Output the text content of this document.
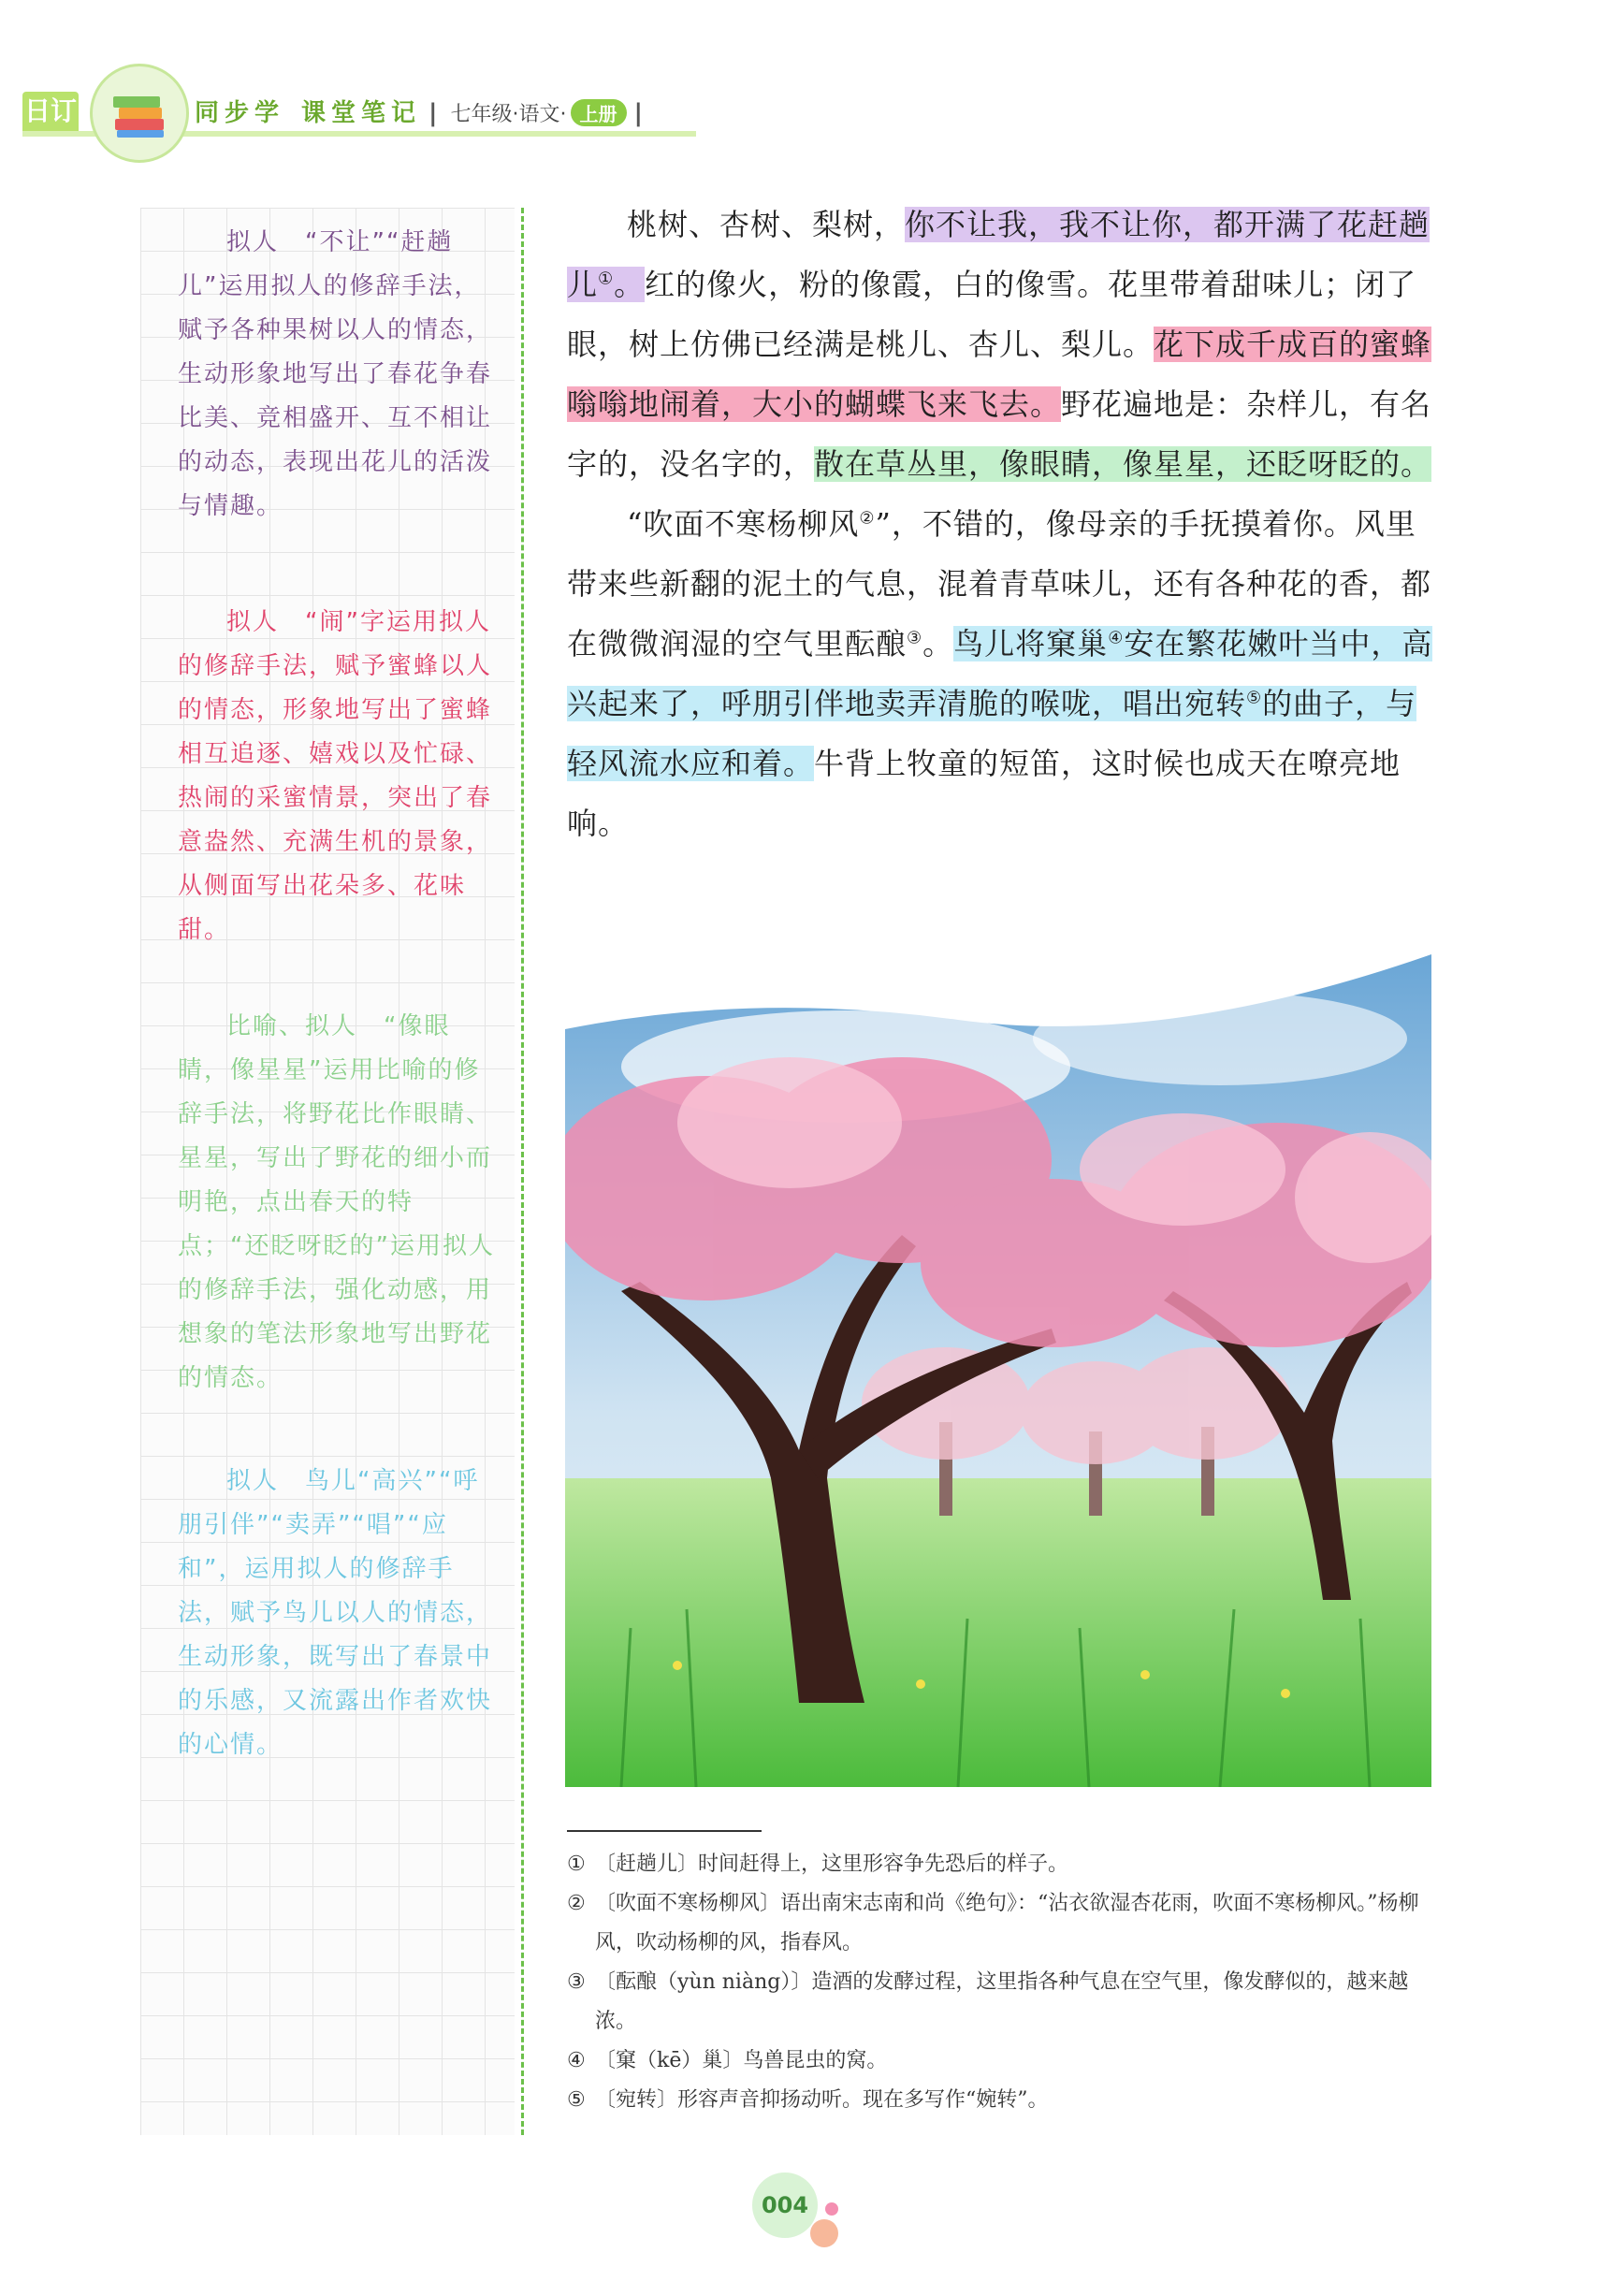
日订	同步学 课堂笔记 | 七年级·语文· 上册 |
拟人　“不让”“赶趟儿”运用拟人的修辞手法，赋予各种果树以人的情态，生动形象地写出了春花争春比美、竞相盛开、互不相让的动态，表现出花儿的活泼与情趣。
拟人　“闹”字运用拟人的修辞手法，赋予蜜蜂以人的情态，形象地写出了蜜蜂相互追逐、嬉戏以及忙碌、热闹的采蜜情景，突出了春意盎然、充满生机的景象，从侧面写出花朵多、花味甜。
比喻、拟人　“像眼睛，像星星”运用比喻的修辞手法，将野花比作眼睛、星星，写出了野花的细小而明艳，点出春天的特点；“还眨呀眨的”运用拟人的修辞手法，强化动感，用想象的笔法形象地写出野花的情态。
拟人　鸟儿“高兴”“呼朋引伴”“卖弄”“唱”“应和”，运用拟人的修辞手法，赋予鸟儿以人的情态，生动形象，既写出了春景中的乐感，又流露出作者欢快的心情。

桃树、杏树、梨树，你不让我，我不让你，都开满了花赶趟儿①。红的像火，粉的像霞，白的像雪。花里带着甜味儿；闭了眼，树上仿佛已经满是桃儿、杏儿、梨儿。花下成千成百的蜜蜂嗡嗡地闹着，大小的蝴蝶飞来飞去。野花遍地是：杂样儿，有名字的，没名字的，散在草丛里，像眼睛，像星星，还眨呀眨的。

“吹面不寒杨柳风②”，不错的，像母亲的手抚摸着你。风里带来些新翻的泥土的气息，混着青草味儿，还有各种花的香，都在微微润湿的空气里酝酿③。鸟儿将窠巢④安在繁花嫩叶当中，高兴起来了，呼朋引伴地卖弄清脆的喉咙，唱出宛转⑤的曲子，与轻风流水应和着。牛背上牧童的短笛，这时候也成天在嘹亮地响。

① 〔赶趟儿〕时间赶得上，这里形容争先恐后的样子。
② 〔吹面不寒杨柳风〕语出南宋志南和尚《绝句》：“沾衣欲湿杏花雨，吹面不寒杨柳风。”杨柳风，吹动杨柳的风，指春风。
③ 〔酝酿（yùn niàng）〕造酒的发酵过程，这里指各种气息在空气里，像发酵似的，越来越浓。
④ 〔窠（kē）巢〕鸟兽昆虫的窝。
⑤ 〔宛转〕形容声音抑扬动听。现在多写作“婉转”。
004
